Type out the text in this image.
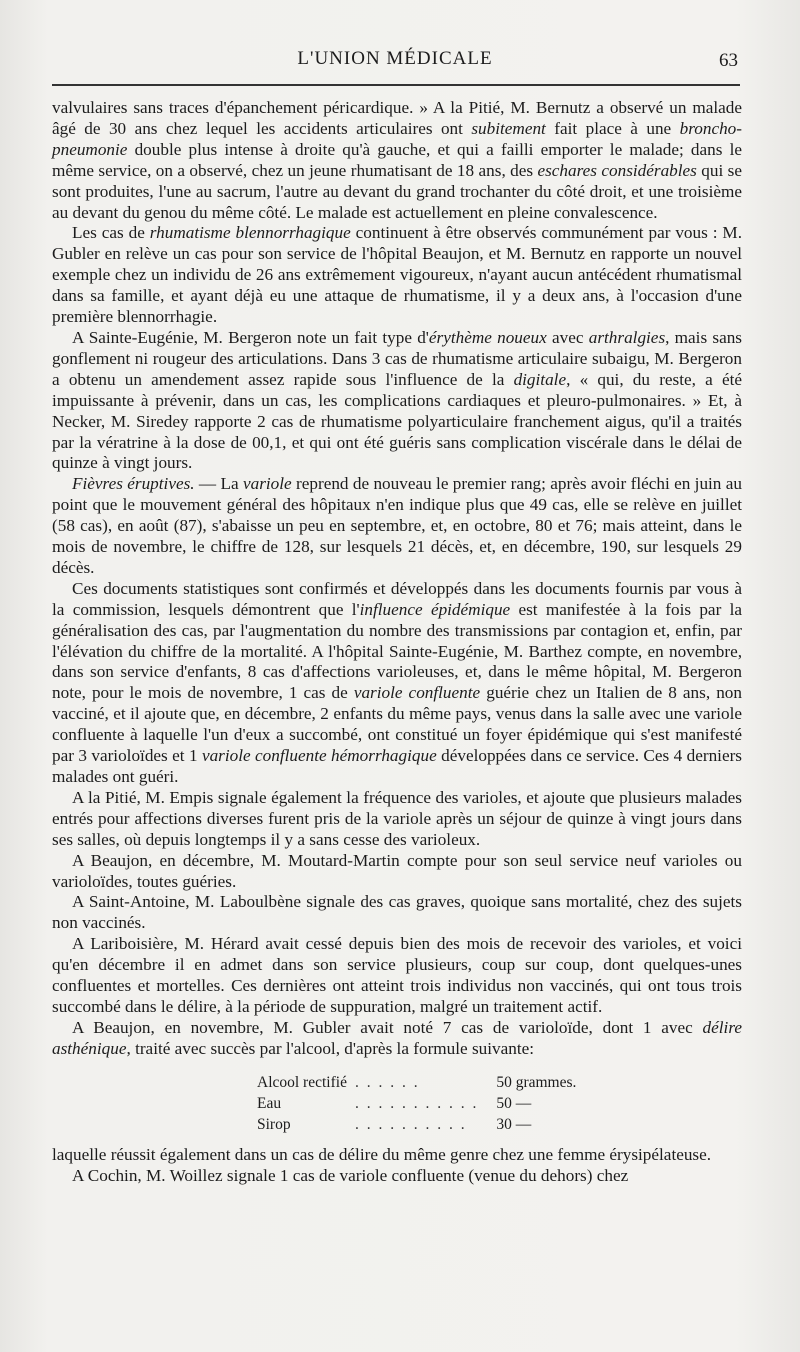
L'UNION MÉDICALE	63

valvulaires sans traces d'épanchement péricardique. » A la Pitié, M. Bernutz a observé un malade âgé de 30 ans chez lequel les accidents articulaires ont subitement fait place à une broncho-pneumonie double plus intense à droite qu'à gauche, et qui a failli emporter le malade; dans le même service, on a observé, chez un jeune rhumatisant de 18 ans, des eschares considérables qui se sont produites, l'une au sacrum, l'autre au devant du grand trochanter du côté droit, et une troisième au devant du genou du même côté. Le malade est actuellement en pleine convalescence.

Les cas de rhumatisme blennorrhagique continuent à être observés communément par vous : M. Gubler en relève un cas pour son service de l'hôpital Beaujon, et M. Bernutz en rapporte un nouvel exemple chez un individu de 26 ans extrêmement vigoureux, n'ayant aucun antécédent rhumatismal dans sa famille, et ayant déjà eu une attaque de rhumatisme, il y a deux ans, à l'occasion d'une première blennorrhagie.

A Sainte-Eugénie, M. Bergeron note un fait type d'érythème noueux avec arthralgies, mais sans gonflement ni rougeur des articulations. Dans 3 cas de rhumatisme articulaire subaigu, M. Bergeron a obtenu un amendement assez rapide sous l'influence de la digitale, « qui, du reste, a été impuissante à prévenir, dans un cas, les complications cardiaques et pleuro-pulmonaires. » Et, à Necker, M. Siredey rapporte 2 cas de rhumatisme polyarticulaire franchement aigus, qu'il a traités par la vératrine à la dose de 00,1, et qui ont été guéris sans complication viscérale dans le délai de quinze à vingt jours.

Fièvres éruptives. — La variole reprend de nouveau le premier rang; après avoir fléchi en juin au point que le mouvement général des hôpitaux n'en indique plus que 49 cas, elle se relève en juillet (58 cas), en août (87), s'abaisse un peu en septembre, et, en octobre, 80 et 76; mais atteint, dans le mois de novembre, le chiffre de 128, sur lesquels 21 décès, et, en décembre, 190, sur lesquels 29 décès.

Ces documents statistiques sont confirmés et développés dans les documents fournis par vous à la commission, lesquels démontrent que l'influence épidémique est manifestée à la fois par la généralisation des cas, par l'augmentation du nombre des transmissions par contagion et, enfin, par l'élévation du chiffre de la mortalité. A l'hôpital Sainte-Eugénie, M. Barthez compte, en novembre, dans son service d'enfants, 8 cas d'affections varioleuses, et, dans le même hôpital, M. Bergeron note, pour le mois de novembre, 1 cas de variole confluente guérie chez un Italien de 8 ans, non vacciné, et il ajoute que, en décembre, 2 enfants du même pays, venus dans la salle avec une variole confluente à laquelle l'un d'eux a succombé, ont constitué un foyer épidémique qui s'est manifesté par 3 varioloïdes et 1 variole confluente hémorrhagique développées dans ce service. Ces 4 derniers malades ont guéri.

A la Pitié, M. Empis signale également la fréquence des varioles, et ajoute que plusieurs malades entrés pour affections diverses furent pris de la variole après un séjour de quinze à vingt jours dans ses salles, où depuis longtemps il y a sans cesse des varioleux.

A Beaujon, en décembre, M. Moutard-Martin compte pour son seul service neuf varioles ou varioloïdes, toutes guéries.

A Saint-Antoine, M. Laboulbène signale des cas graves, quoique sans mortalité, chez des sujets non vaccinés.

A Lariboisière, M. Hérard avait cessé depuis bien des mois de recevoir des varioles, et voici qu'en décembre il en admet dans son service plusieurs, coup sur coup, dont quelques-unes confluentes et mortelles. Ces dernières ont atteint trois individus non vaccinés, qui ont tous trois succombé dans le délire, à la période de suppuration, malgré un traitement actif.

A Beaujon, en novembre, M. Gubler avait noté 7 cas de varioloïde, dont 1 avec délire asthénique, traité avec succès par l'alcool, d'après la formule suivante:

Alcool rectifié	. . . . . .	50 grammes.
Eau	. . . . . . . . . . .	50 —
Sirop	. . . . . . . . . .	30 —

laquelle réussit également dans un cas de délire du même genre chez une femme érysipélateuse.

A Cochin, M. Woillez signale 1 cas de variole confluente (venue du dehors) chez
